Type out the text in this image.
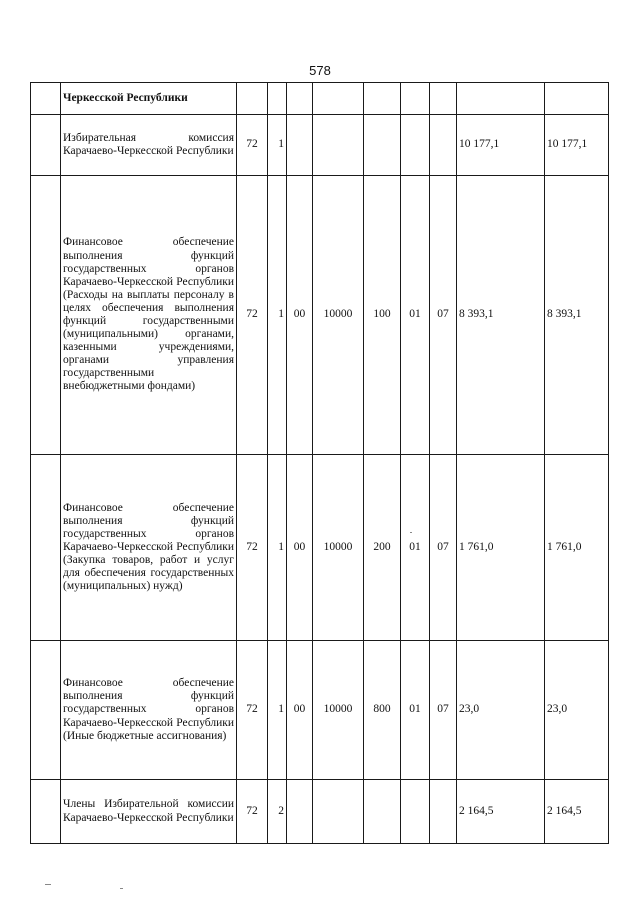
578
	Черкесской Республики									
	Избирательная комиссия Карачаево-Черкесской Республики	72	1						10 177,1	10 177,1
	Финансовое обеспечение выполнения функций государственных органов Карачаево-Черкесской Республики (Расходы на выплаты персоналу в целях обеспечения выполнения функций государственными (муниципальными) органами, казенными учреждениями, органами управления государственными внебюджетными фондами)	72	1	00	10000	100	01	07	8 393,1	8 393,1
	Финансовое обеспечение выполнения функций государственных органов Карачаево-Черкесской Республики (Закупка товаров, работ и услуг для обеспечения государственных (муниципальных) нужд)	72	1	00	10000	200	01	07	1 761,0	1 761,0
	Финансовое обеспечение выполнения функций государственных органов Карачаево-Черкесской Республики (Иные бюджетные ассигнования)	72	1	00	10000	800	01	07	23,0	23,0
	Члены Избирательной комиссии Карачаево-Черкесской Республики	72	2						2 164,5	2 164,5
